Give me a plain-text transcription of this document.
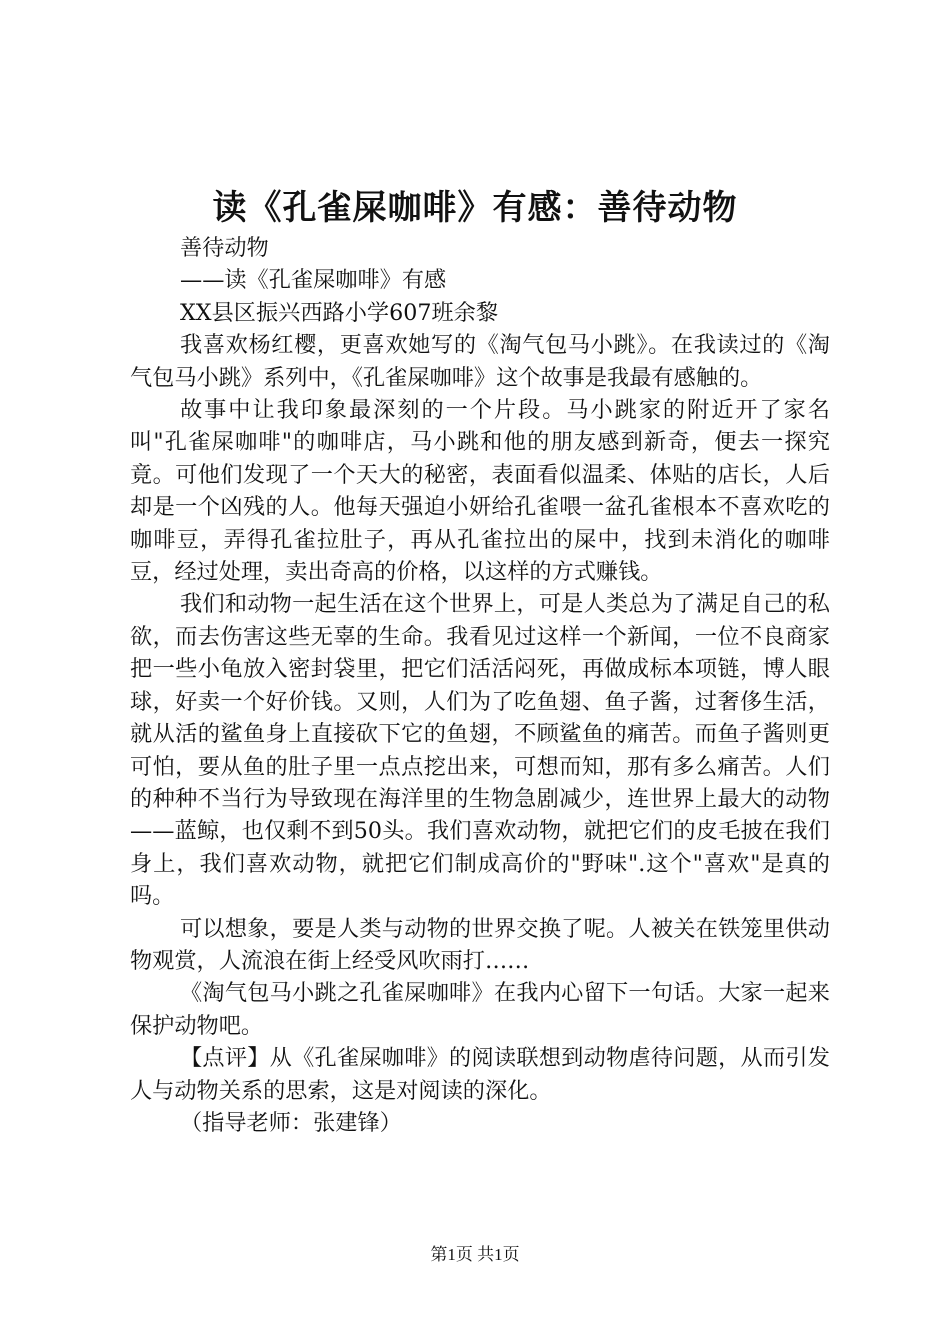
读《孔雀屎咖啡》有感：善待动物

善待动物

——读《孔雀屎咖啡》有感

XX县区振兴西路小学607班余黎

我喜欢杨红樱，更喜欢她写的《淘气包马小跳》。在我读过的《淘气包马小跳》系列中，《孔雀屎咖啡》这个故事是我最有感触的。

故事中让我印象最深刻的一个片段。马小跳家的附近开了家名叫"孔雀屎咖啡"的咖啡店，马小跳和他的朋友感到新奇，便去一探究竟。可他们发现了一个天大的秘密，表面看似温柔、体贴的店长，人后却是一个凶残的人。他每天强迫小妍给孔雀喂一盆孔雀根本不喜欢吃的咖啡豆，弄得孔雀拉肚子，再从孔雀拉出的屎中，找到未消化的咖啡豆，经过处理，卖出奇高的价格，以这样的方式赚钱。

我们和动物一起生活在这个世界上，可是人类总为了满足自己的私欲，而去伤害这些无辜的生命。我看见过这样一个新闻，一位不良商家把一些小龟放入密封袋里，把它们活活闷死，再做成标本项链，博人眼球，好卖一个好价钱。又则，人们为了吃鱼翅、鱼子酱，过奢侈生活，就从活的鲨鱼身上直接砍下它的鱼翅，不顾鲨鱼的痛苦。而鱼子酱则更可怕，要从鱼的肚子里一点点挖出来，可想而知，那有多么痛苦。人们的种种不当行为导致现在海洋里的生物急剧减少，连世界上最大的动物——蓝鲸，也仅剩不到50头。我们喜欢动物，就把它们的皮毛披在我们身上，我们喜欢动物，就把它们制成高价的"野味".这个"喜欢"是真的吗。

可以想象，要是人类与动物的世界交换了呢。人被关在铁笼里供动物观赏，人流浪在街上经受风吹雨打……

《淘气包马小跳之孔雀屎咖啡》在我内心留下一句话。大家一起来保护动物吧。

【点评】从《孔雀屎咖啡》的阅读联想到动物虐待问题，从而引发人与动物关系的思索，这是对阅读的深化。

（指导老师：张建锋）

第1页 共1页
